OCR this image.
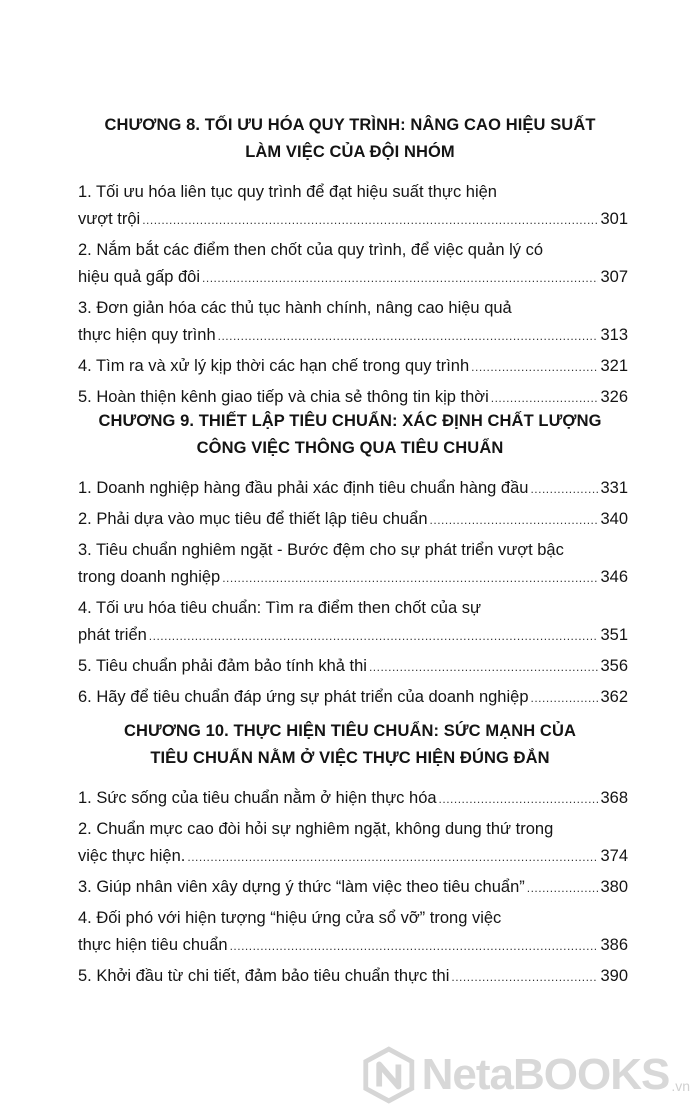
CHƯƠNG 8. TỐI ƯU HÓA QUY TRÌNH: NÂNG CAO HIỆU SUẤT
LÀM VIỆC CỦA ĐỘI NHÓM
1. Tối ưu hóa liên tục quy trình để đạt hiệu suất thực hiện
vượt trội .....	301
2. Nắm bắt các điểm then chốt của quy trình, để việc quản lý có
hiệu quả gấp đôi .....	307
3. Đơn giản hóa các thủ tục hành chính, nâng cao hiệu quả
thực hiện quy trình .....	313
4. Tìm ra và xử lý kịp thời các hạn chế trong quy trình .....	321
5. Hoàn thiện kênh giao tiếp và chia sẻ thông tin kịp thời .....	326
CHƯƠNG 9. THIẾT LẬP TIÊU CHUẨN: XÁC ĐỊNH CHẤT LƯỢNG
CÔNG VIỆC THÔNG QUA TIÊU CHUẨN
1. Doanh nghiệp hàng đầu phải xác định tiêu chuẩn hàng đầu .....	331
2. Phải dựa vào mục tiêu để thiết lập tiêu chuẩn .....	340
3. Tiêu chuẩn nghiêm ngặt - Bước đệm cho sự phát triển vượt bậc
trong doanh nghiệp .....	346
4. Tối ưu hóa tiêu chuẩn: Tìm ra điểm then chốt của sự
phát triển .....	351
5. Tiêu chuẩn phải đảm bảo tính khả thi .....	356
6. Hãy để tiêu chuẩn đáp ứng sự phát triển của doanh nghiệp .....	362
CHƯƠNG 10. THỰC HIỆN TIÊU CHUẨN: SỨC MẠNH CỦA
TIÊU CHUẨN NẰM Ở VIỆC THỰC HIỆN ĐÚNG ĐẮN
1. Sức sống của tiêu chuẩn nằm ở hiện thực hóa .....	368
2. Chuẩn mực cao đòi hỏi sự nghiêm ngặt, không dung thứ trong
việc thực hiện. .....	374
3. Giúp nhân viên xây dựng ý thức “làm việc theo tiêu chuẩn” .....	380
4. Đối phó với hiện tượng “hiệu ứng cửa sổ vỡ” trong việc
thực hiện tiêu chuẩn .....	386
5. Khởi đầu từ chi tiết, đảm bảo tiêu chuẩn thực thi .....	390
NetaBOOKS .vn
